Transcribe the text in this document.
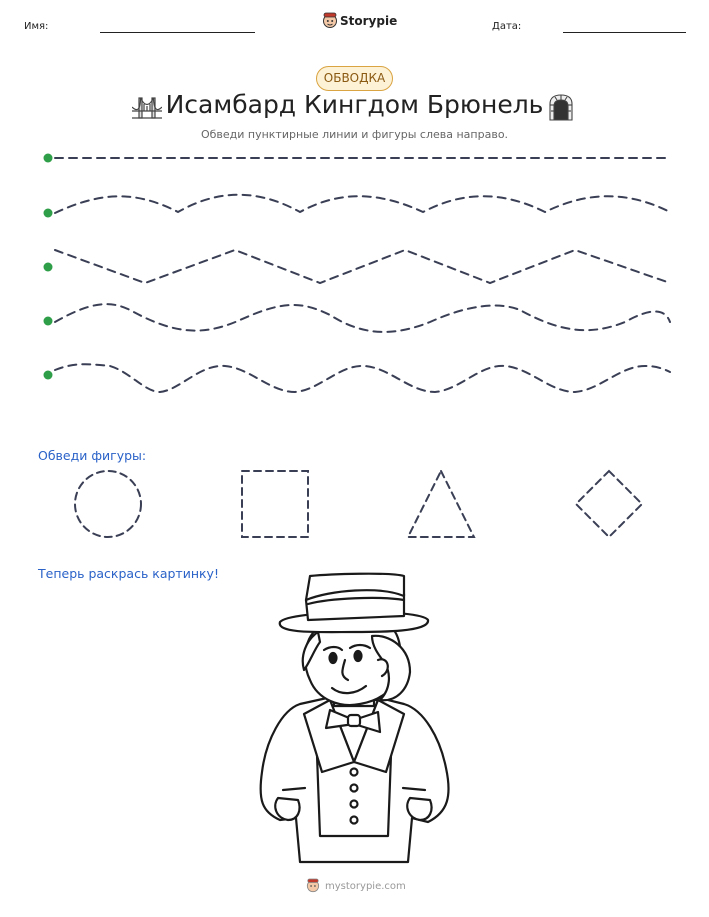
Имя:	Storypie	Дата:
ОБВОДКА
Исамбард Кингдом Брюнель
Обведи пунктирные линии и фигуры слева направо.
Обведи фигуры:
Теперь раскрась картинку!
mystorypie.com
